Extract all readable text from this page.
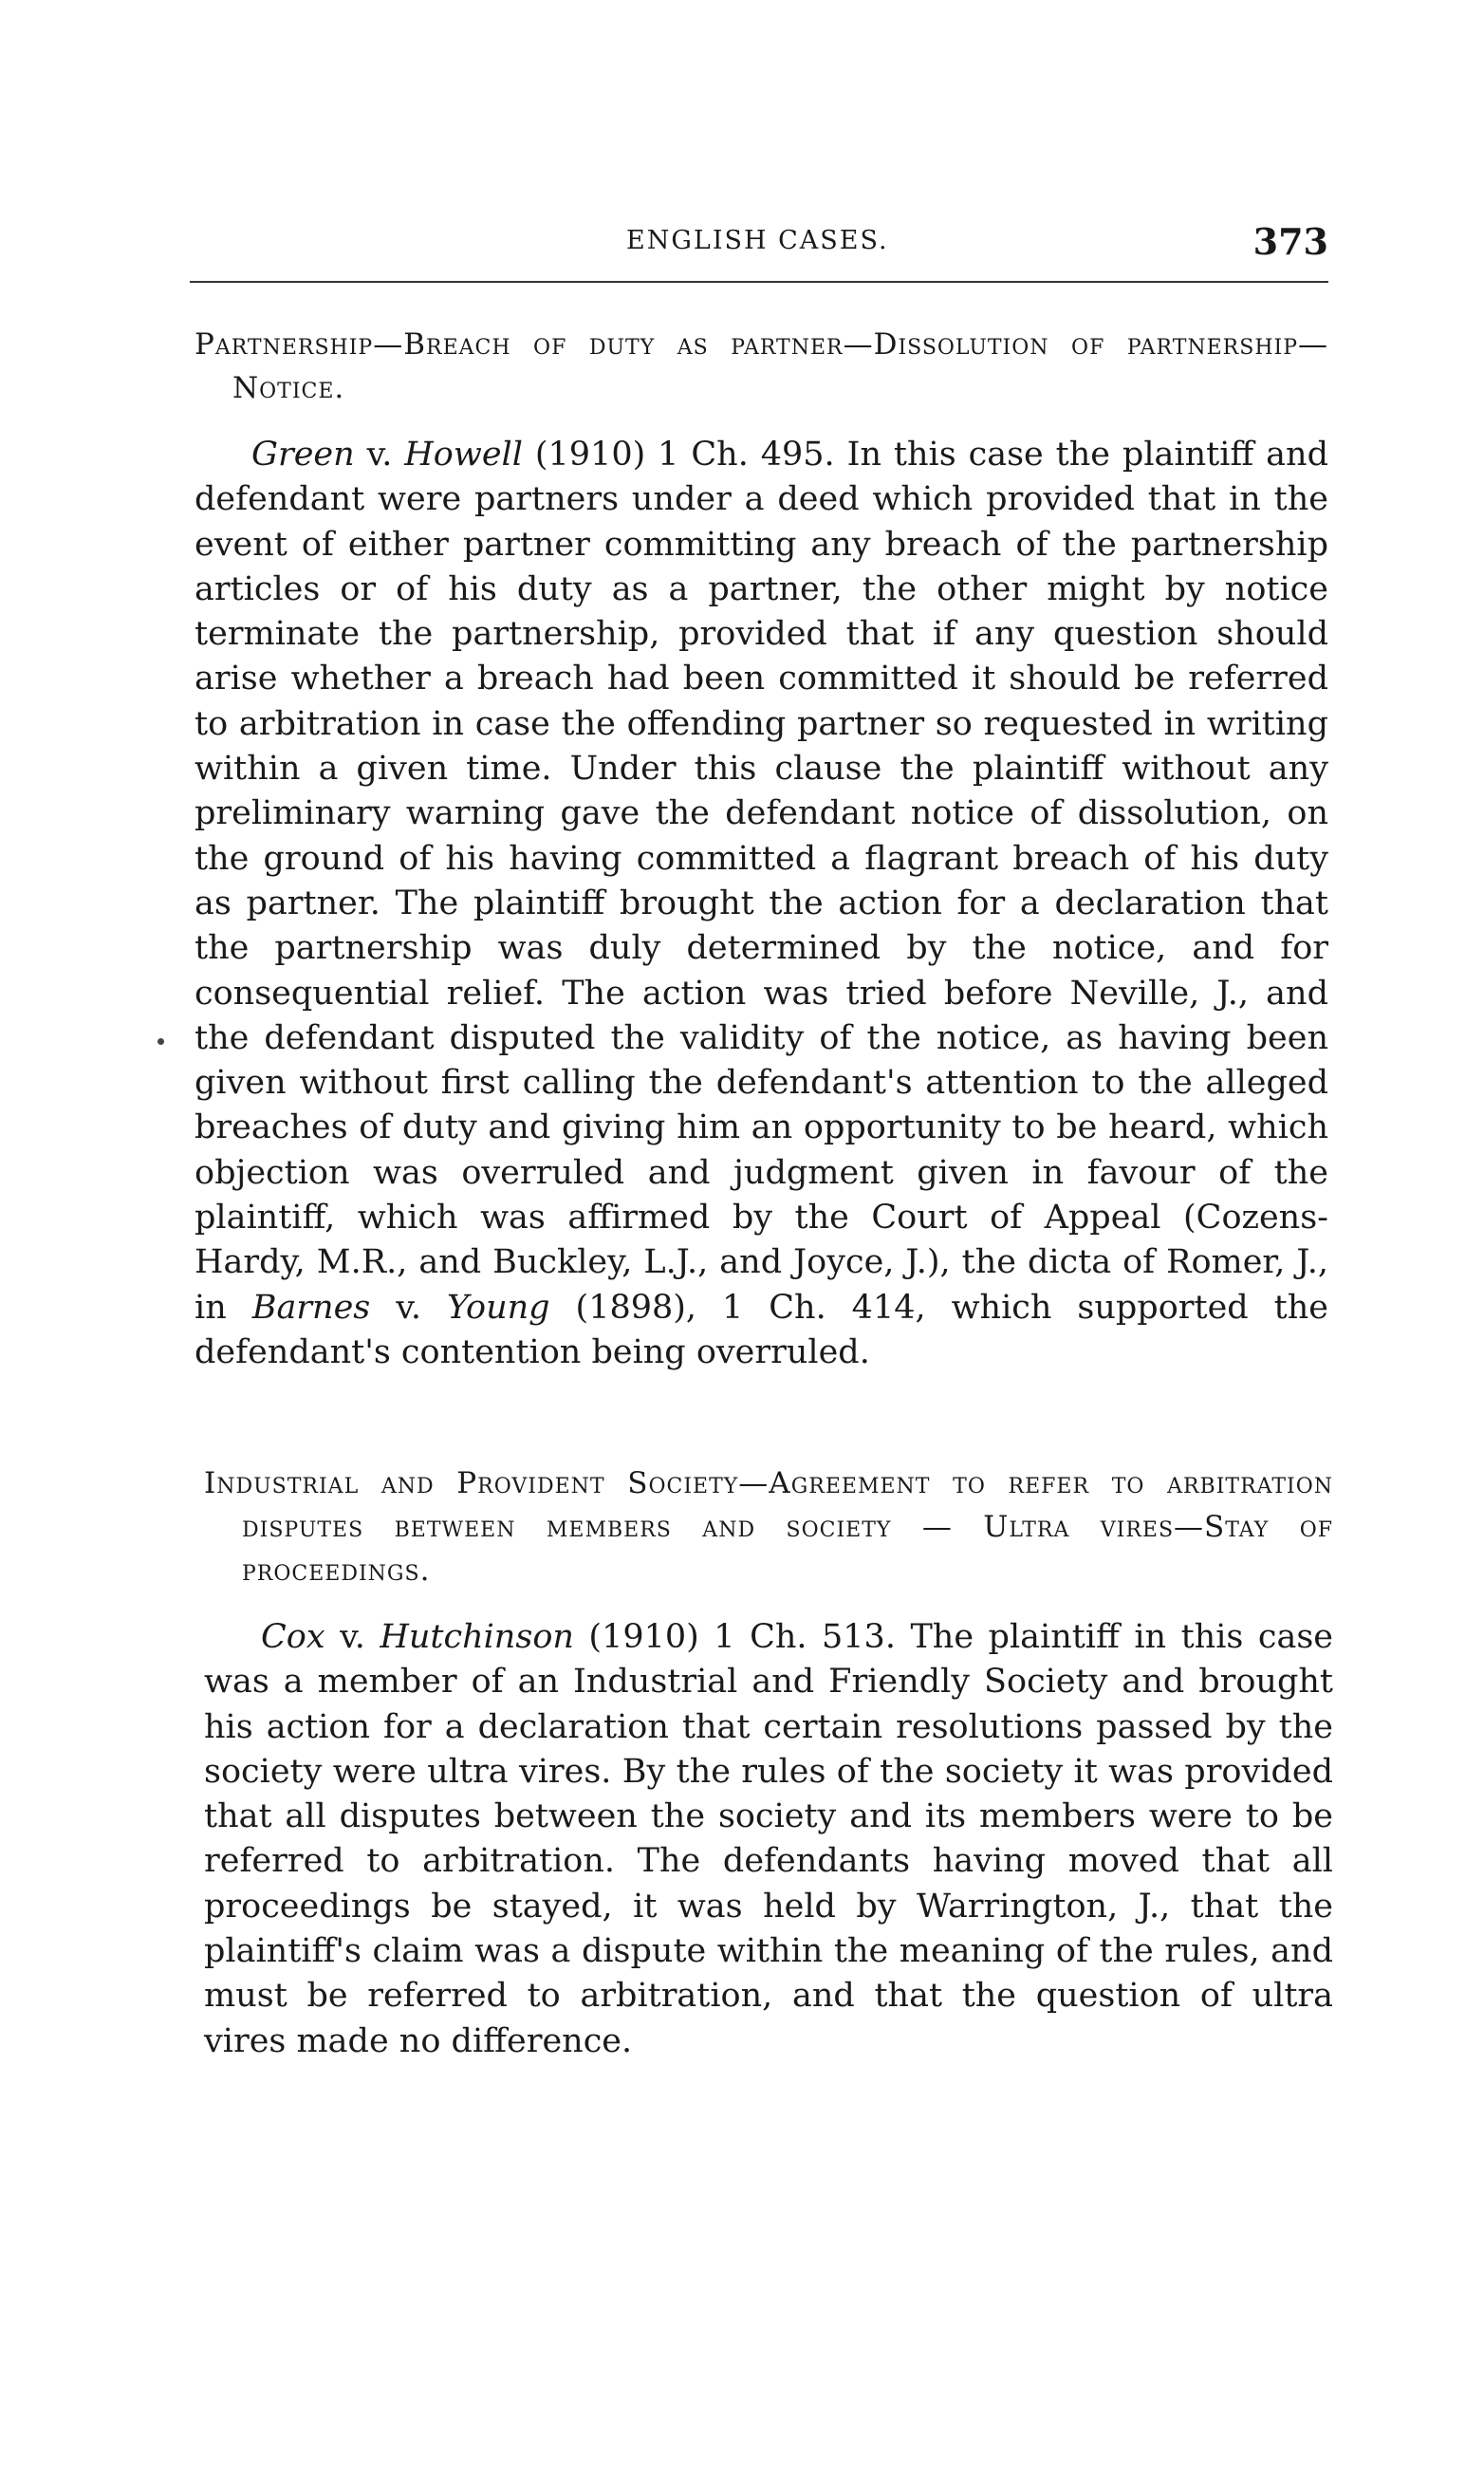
ENGLISH CASES.	373

Partnership—Breach of duty as partner—Dissolution of partnership—Notice.

Green v. Howell (1910) 1 Ch. 495. In this case the plaintiff and defendant were partners under a deed which provided that in the event of either partner committing any breach of the partnership articles or of his duty as a partner, the other might by notice terminate the partnership, provided that if any question should arise whether a breach had been committed it should be referred to arbitration in case the offending partner so requested in writing within a given time. Under this clause the plaintiff without any preliminary warning gave the defendant notice of dissolution, on the ground of his having committed a flagrant breach of his duty as partner. The plaintiff brought the action for a declaration that the partnership was duly determined by the notice, and for consequential relief. The action was tried before Neville, J., and the defendant disputed the validity of the notice, as having been given without first calling the defendant's attention to the alleged breaches of duty and giving him an opportunity to be heard, which objection was overruled and judgment given in favour of the plaintiff, which was affirmed by the Court of Appeal (Cozens-Hardy, M.R., and Buckley, L.J., and Joyce, J.), the dicta of Romer, J., in Barnes v. Young (1898), 1 Ch. 414, which supported the defendant's contention being overruled.

Industrial and Provident Society—Agreement to refer to arbitration disputes between members and society — Ultra vires—Stay of proceedings.

Cox v. Hutchinson (1910) 1 Ch. 513. The plaintiff in this case was a member of an Industrial and Friendly Society and brought his action for a declaration that certain resolutions passed by the society were ultra vires. By the rules of the society it was provided that all disputes between the society and its members were to be referred to arbitration. The defendants having moved that all proceedings be stayed, it was held by Warrington, J., that the plaintiff's claim was a dispute within the meaning of the rules, and must be referred to arbitration, and that the question of ultra vires made no difference.
